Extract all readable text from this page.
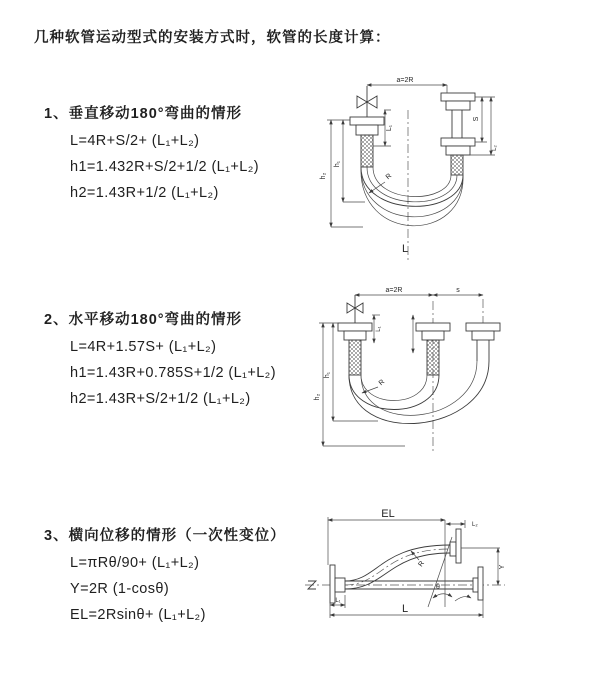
几种软管运动型式的安装方式时，软管的长度计算：

1、垂直移动180°弯曲的情形

L=4R+S/2+ (L₁+L₂)

h1=1.432R+S/2+1/2 (L₁+L₂)

h2=1.43R+1/2 (L₁+L₂)

2、水平移动180°弯曲的情形

L=4R+1.57S+ (L₁+L₂)

h1=1.43R+0.785S+1/2 (L₁+L₂)

h2=1.43R+S/2+1/2 (L₁+L₂)

3、横向位移的情形（一次性变位）

L=πRθ/90+ (L₁+L₂)

Y=2R (1-cosθ)

EL=2Rsinθ+ (L₁+L₂)

a=2R
h₂
h₁
L₁
S
L₂
R
L
a=2R	s
h₁
h₂
L₁
R
EL
L₂
Y
θ
R
L₁
L
